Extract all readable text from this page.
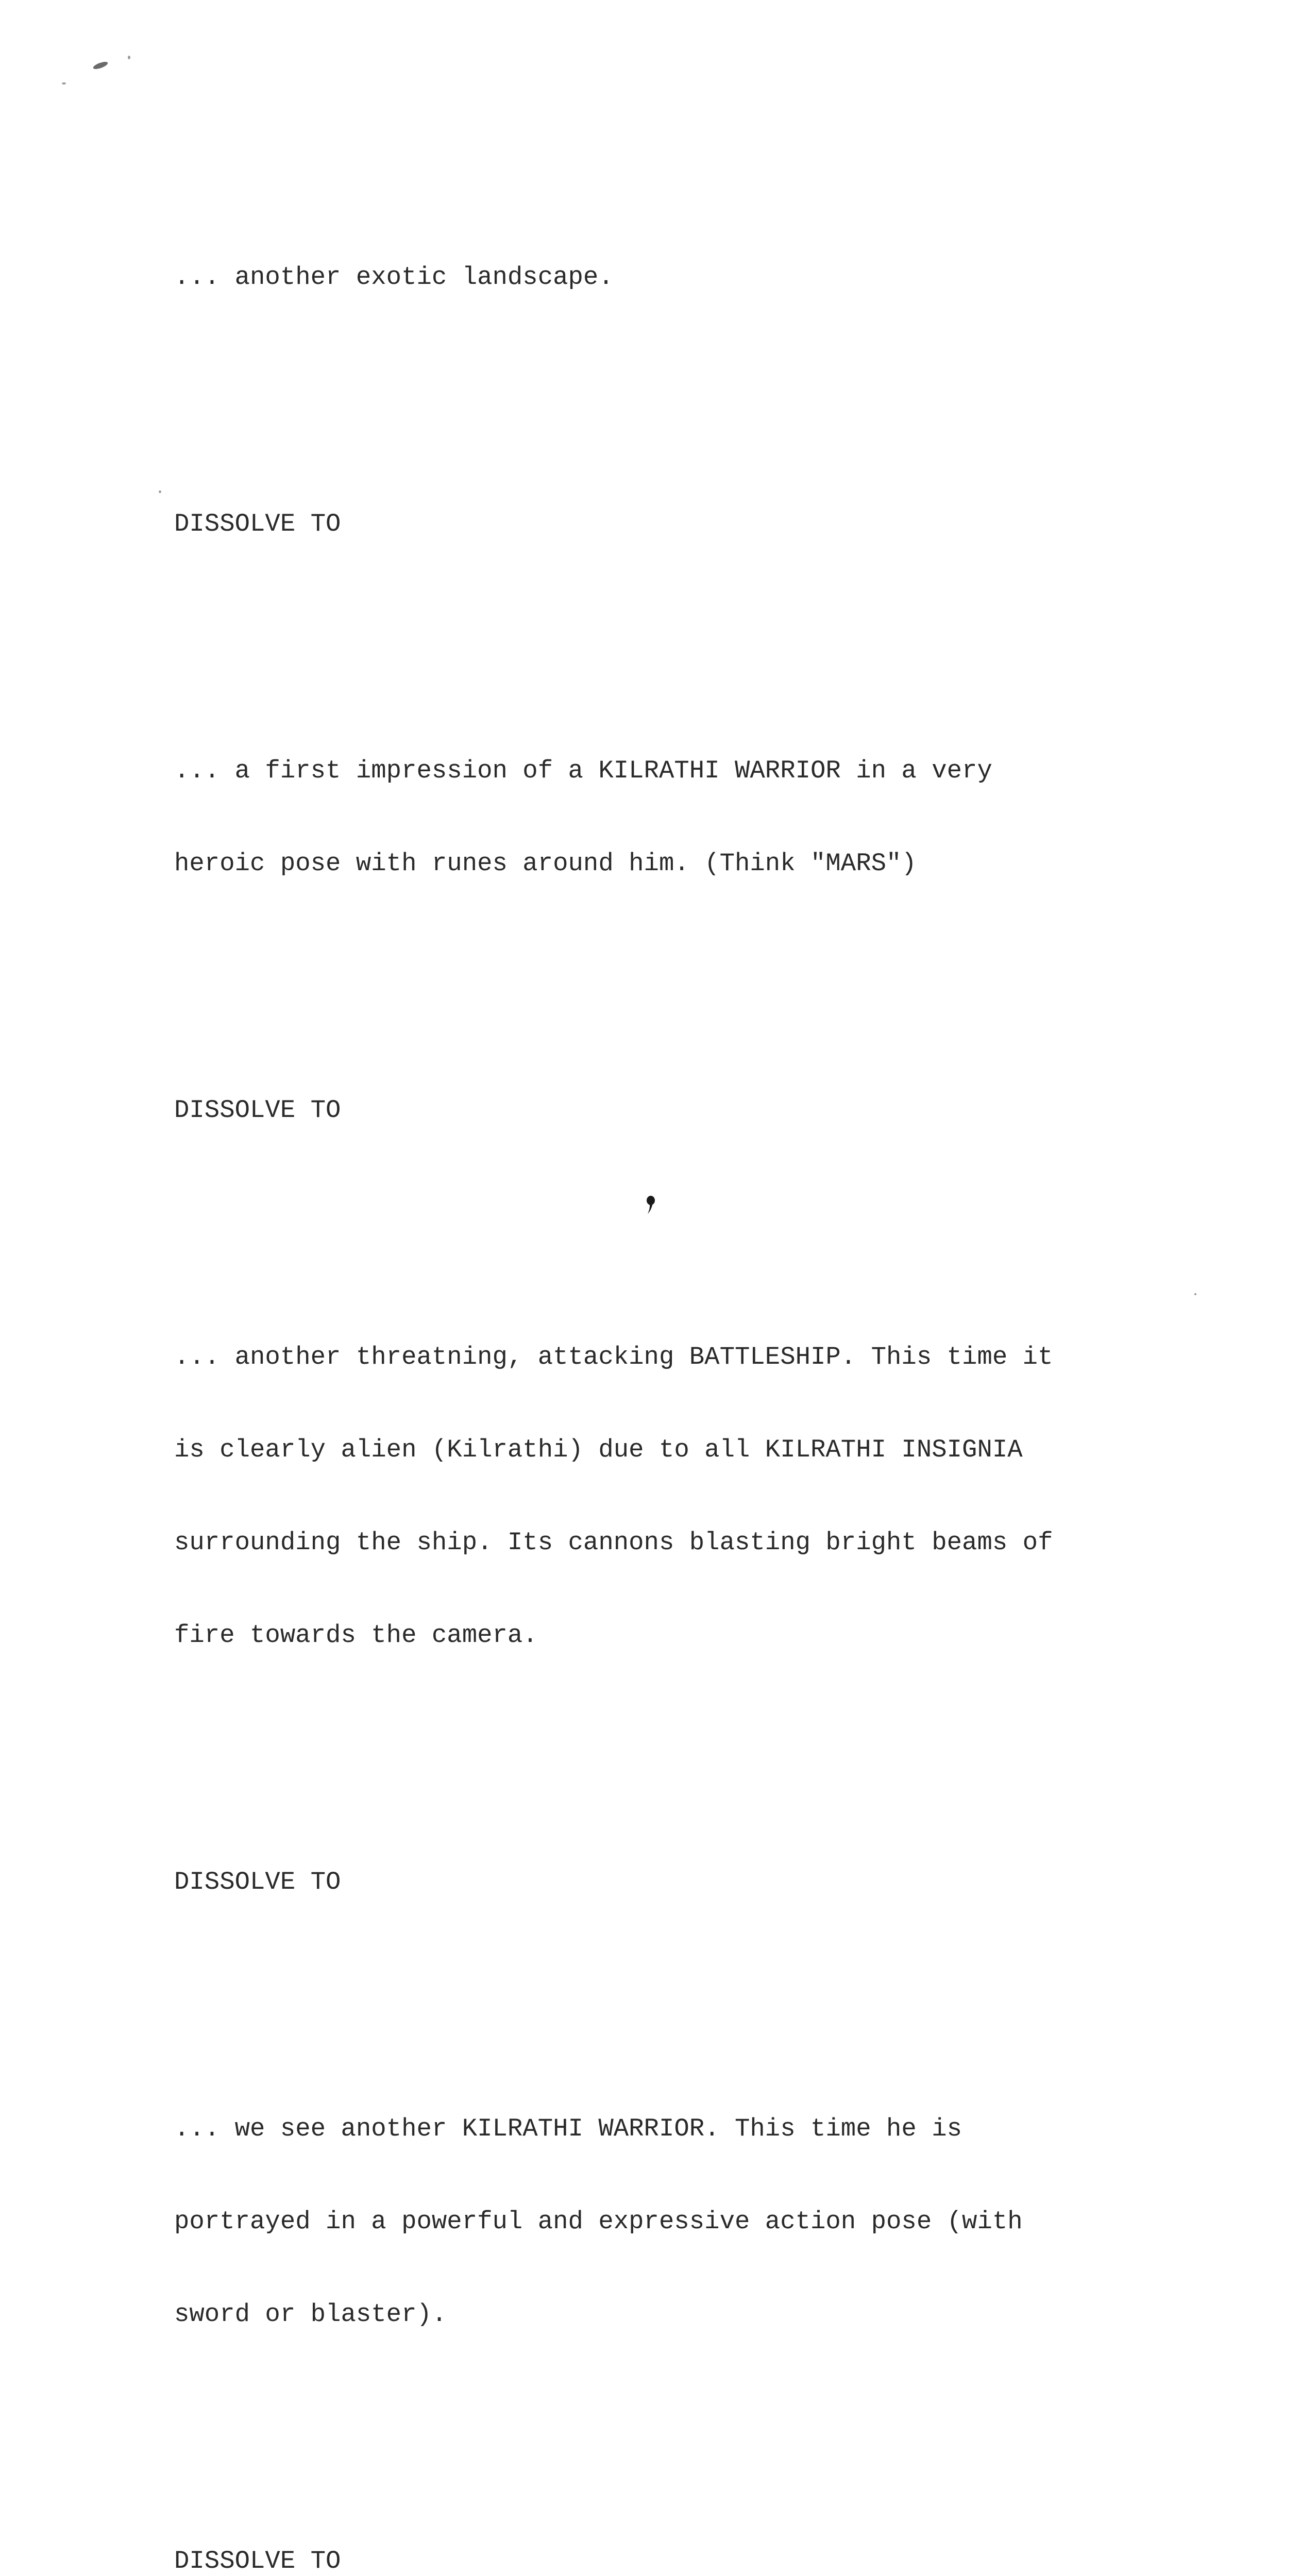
... another exotic landscape.

DISSOLVE TO

... a first impression of a KILRATHI WARRIOR in a very

heroic pose with runes around him. (Think "MARS")

DISSOLVE TO

... another threatning, attacking BATTLESHIP. This time it

is clearly alien (Kilrathi) due to all KILRATHI INSIGNIA

surrounding the ship. Its cannons blasting bright beams of

fire towards the camera.

DISSOLVE TO

... we see another KILRATHI WARRIOR. This time he is

portrayed in a powerful and expressive action pose (with

sword or blaster).

DISSOLVE TO
